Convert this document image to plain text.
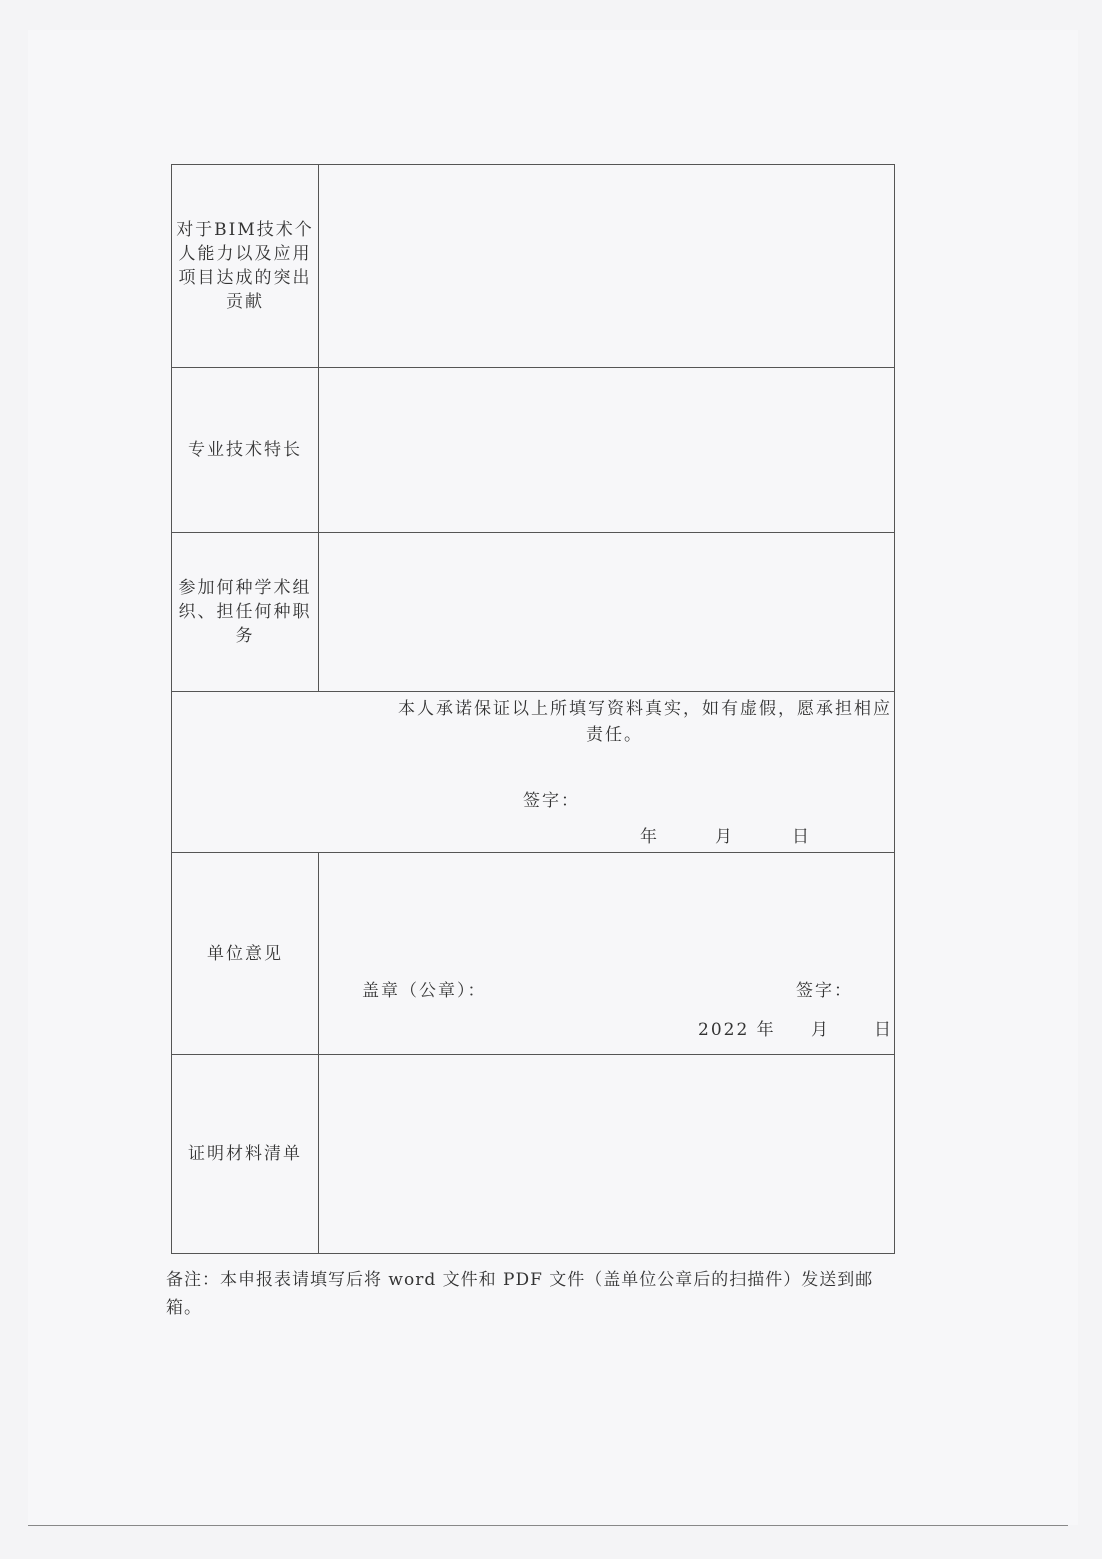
对于BIM技术个人能力以及应用项目达成的突出贡献
专业技术特长
参加何种学术组织、担任何种职务
本人承诺保证以上所填写资料真实，如有虚假，愿承担相应
责任。
签字：
年	月	日
单位意见
盖章（公章）：	签字：
2022 年 月	日
证明材料清单
备注：本申报表请填写后将 word 文件和 PDF 文件（盖单位公章后的扫描件）发送到邮箱。
